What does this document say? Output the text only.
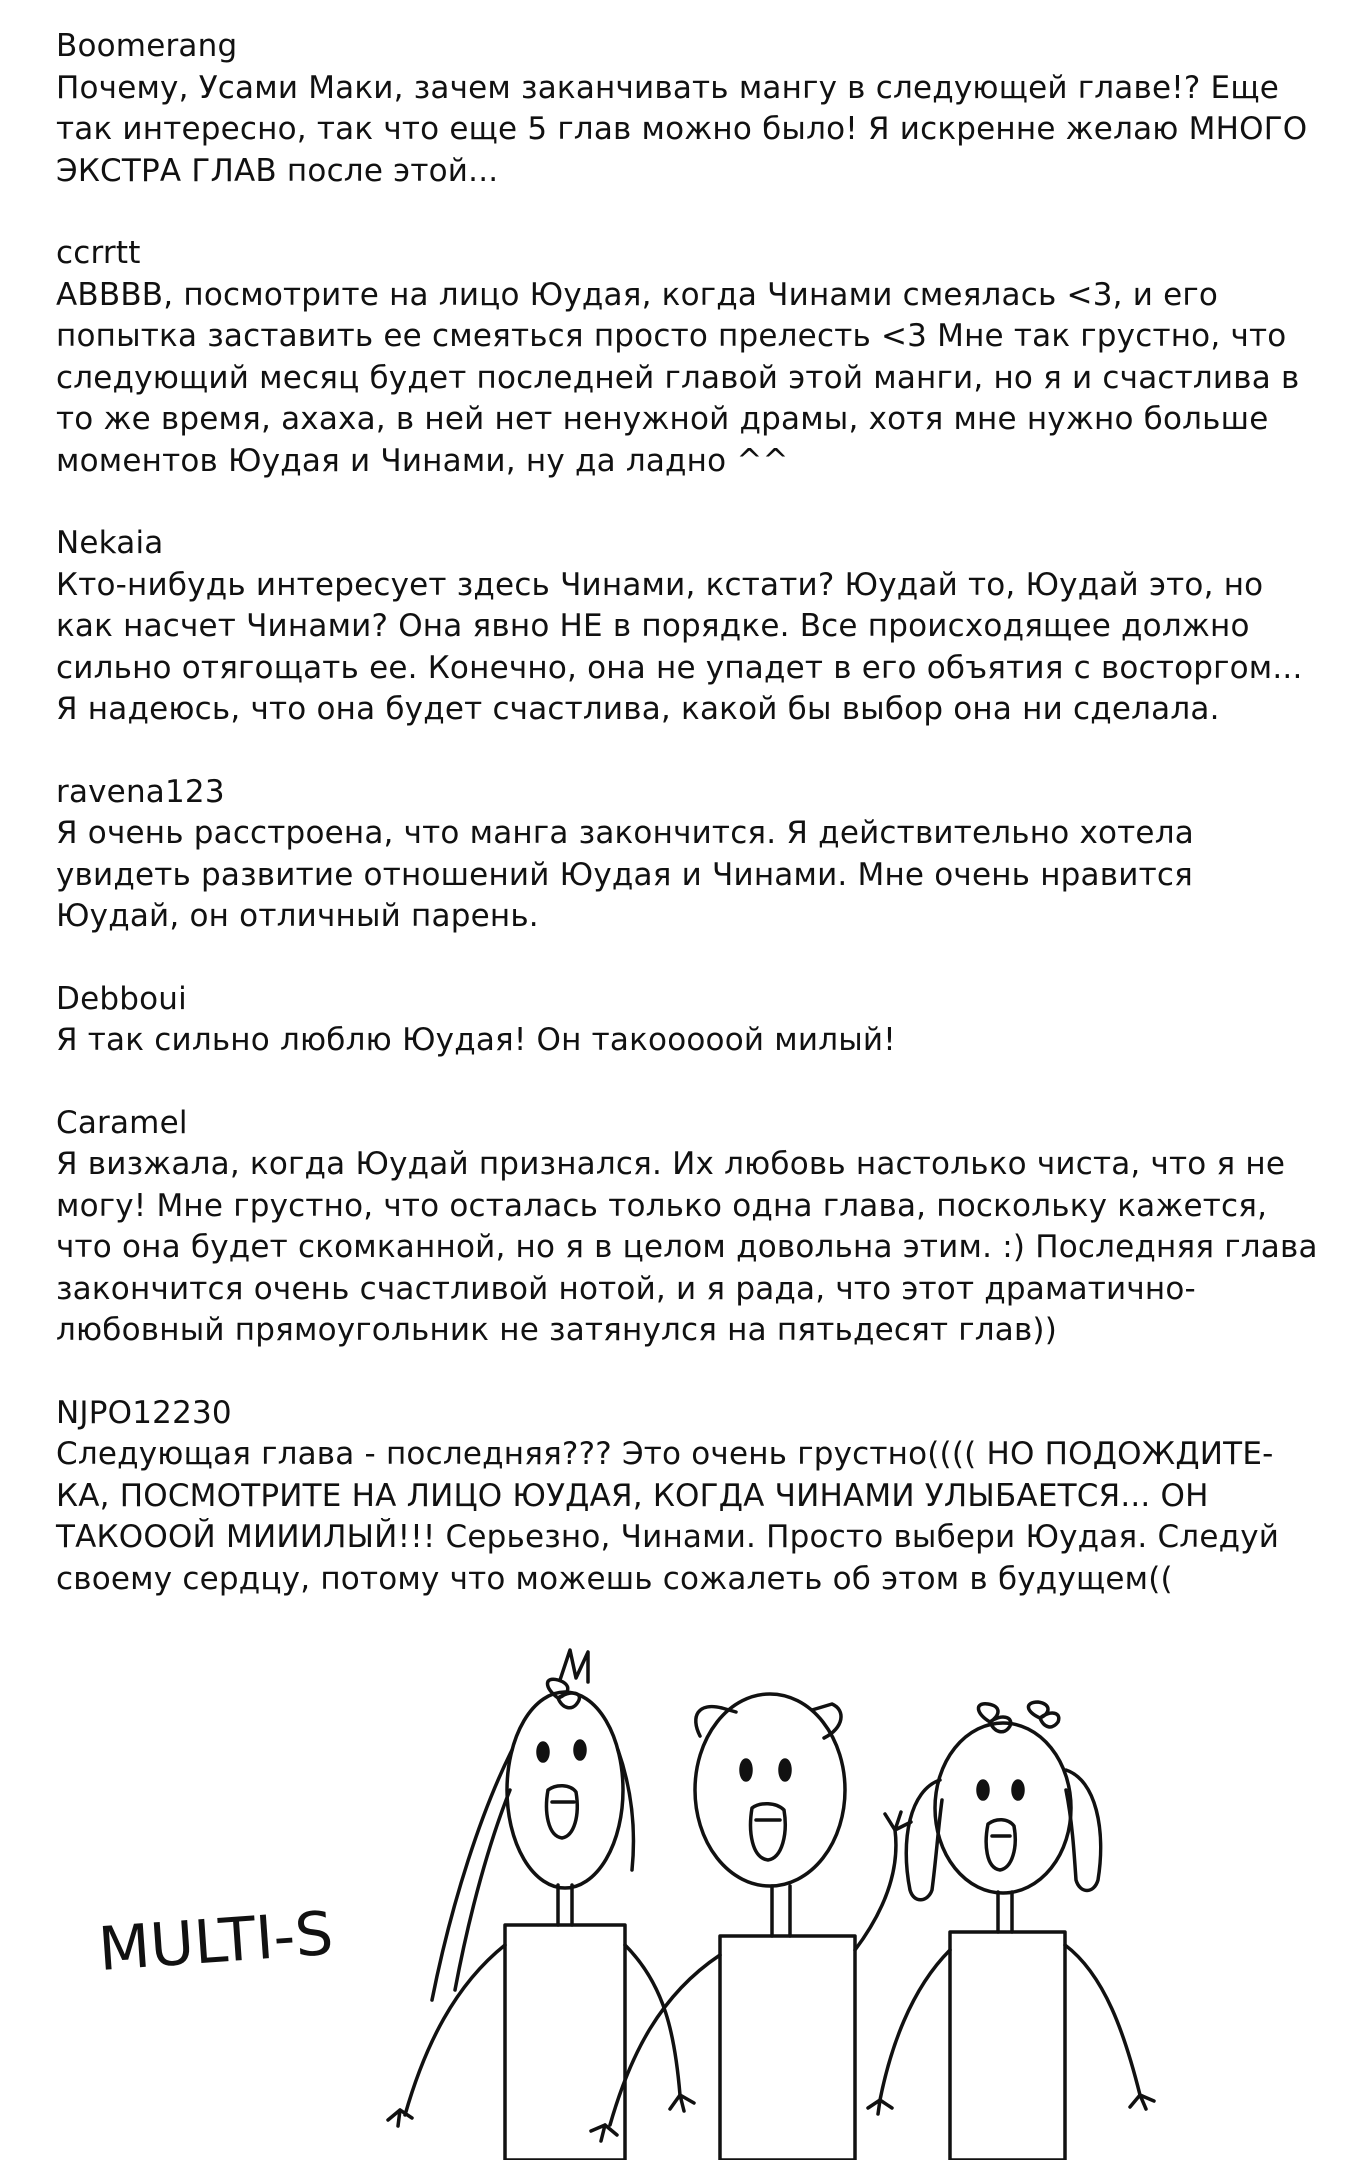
Boomerang
Почему, Усами Маки, зачем заканчивать мангу в следующей главе!? Еще так интересно, так что еще 5 глав можно было! Я искренне желаю МНОГО ЭКСТРА ГЛАВ после этой...
ccrrtt
АВВВВ, посмотрите на лицо Юудая, когда Чинами смеялась <3, и его попытка заставить ее смеяться просто прелесть <3 Мне так грустно, что следующий месяц будет последней главой этой манги, но я и счастлива в то же время, ахаха, в ней нет ненужной драмы, хотя мне нужно больше моментов Юудая и Чинами, ну да ладно ^^
Nekaia
Кто-нибудь интересует здесь Чинами, кстати? Юудай то, Юудай это, но как насчет Чинами? Она явно НЕ в порядке. Все происходящее должно сильно отягощать ее. Конечно, она не упадет в его объятия с восторгом... Я надеюсь, что она будет счастлива, какой бы выбор она ни сделала.
ravena123
Я очень расстроена, что манга закончится. Я действительно хотела увидеть развитие отношений Юудая и Чинами. Мне очень нравится Юудай, он отличный парень.
Debboui
Я так сильно люблю Юудая! Он такооооой милый!
Caramel
Я визжала, когда Юудай признался. Их любовь настолько чиста, что я не могу! Мне грустно, что осталась только одна глава, поскольку кажется, что она будет скомканной, но я в целом довольна этим. :) Последняя глава закончится очень счастливой нотой, и я рада, что этот драматично-любовный прямоугольник не затянулся на пятьдесят глав))
NJPO12230
Следующая глава - последняя??? Это очень грустно(((( НО ПОДОЖДИТЕ-КА, ПОСМОТРИТЕ НА ЛИЦО ЮУДАЯ, КОГДА ЧИНАМИ УЛЫБАЕТСЯ... ОН ТАКОООЙ МИИИЛЫЙ!!! Серьезно, Чинами. Просто выбери Юудая. Следуй своему сердцу, потому что можешь сожалеть об этом в будущем((
MULTI-S
